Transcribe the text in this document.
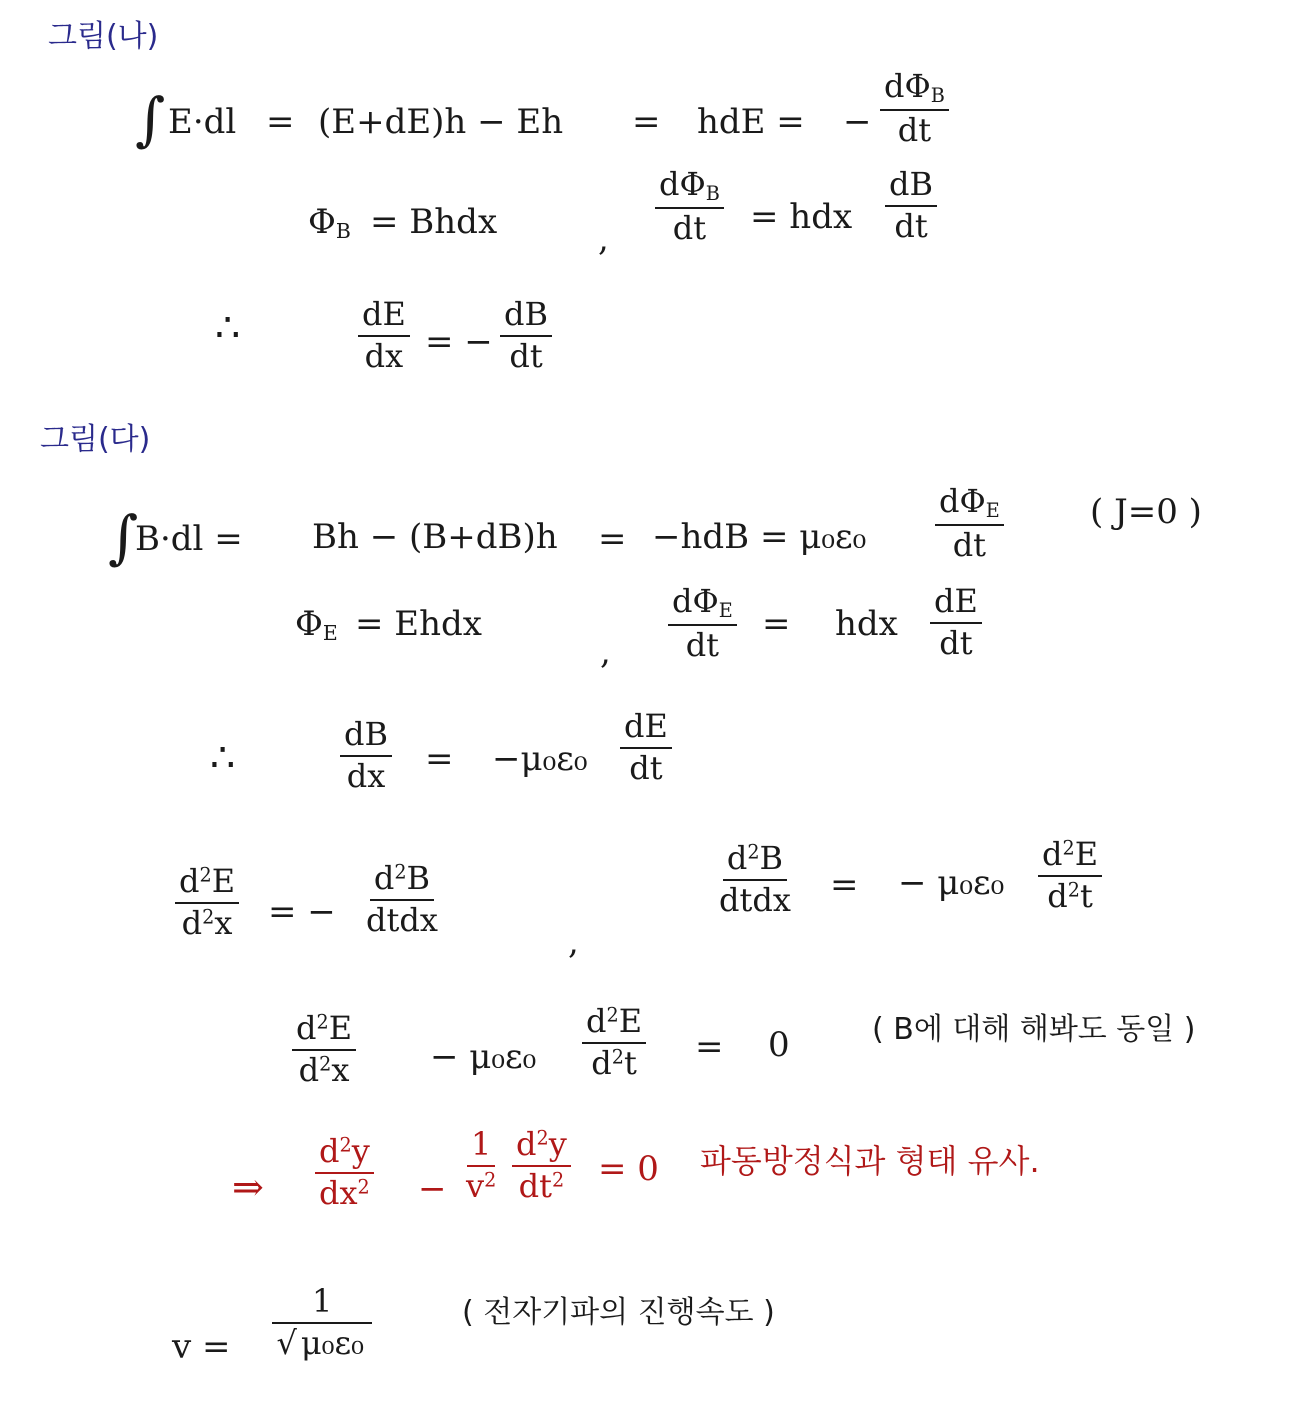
그림(나)
∫ E·dl = (E+dE)h − Eh = hdE = −
$d\Phi_B$
dt
$\Phi_B$ = Bhdx	,
$d\Phi_B$
dt = hdx $\frac{dB}{dt}$
∴	$\frac{dE}{dx}$ = − $\frac{dB}{dt}$
그림(다)
∫
B·dl = Bh − (B+dB)h = −hdB = μ₀ε₀
$d\Phi_E$
dt
( J=0 )
$\Phi_E$ = Ehdx
,
$d\Phi_E$
dt
= hdx $\frac{dE}{dt}$
∴	$\frac{dB}{dx} = -\mu_0\varepsilon_0 \frac{dE}{dt}$
$\frac{d^2E}{d^2x}$ = −
$d^2B$
dtdx
,
$d^2B$
dtdx = − $\mu_0\varepsilon_0 \frac{d^2E}{d^2t}$
$\frac{d^2E}{d^2x} - \mu_0\varepsilon_0 \frac{d^2E}{d^2t} = 0$	( B에 대해 해봐도 동일 )
⇒ $\frac{d^2y}{dx^2} - \frac{1}{v^2} \frac{d^2y}{dt^2} = 0$ 파동방정식과 형태 유사.
$v = \frac{1}{\text{√ μ₀ε₀}}$	( 전자기파의 진행속도 )
